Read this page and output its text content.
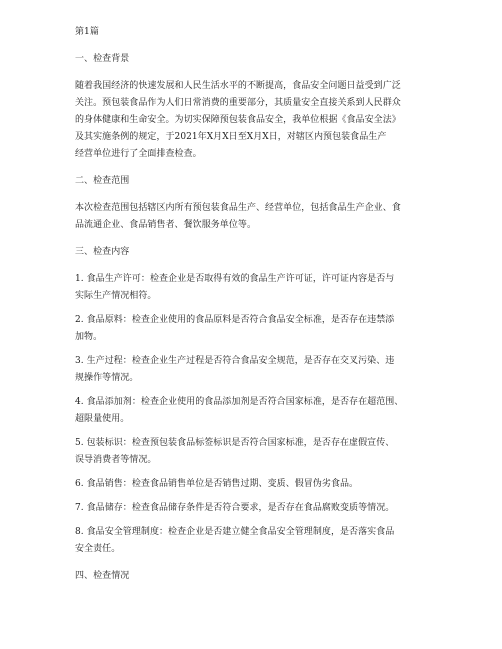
第1篇
一、检查背景
随着我国经济的快速发展和人民生活水平的不断提高，食品安全问题日益受到广泛
关注。预包装食品作为人们日常消费的重要部分，其质量安全直接关系到人民群众
的身体健康和生命安全。为切实保障预包装食品安全，我单位根据《食品安全法》
及其实施条例的规定，于2021年X月X日至X月X日，对辖区内预包装食品生产
经营单位进行了全面排查检查。
二、检查范围
本次检查范围包括辖区内所有预包装食品生产、经营单位，包括食品生产企业、食
品流通企业、食品销售者、餐饮服务单位等。
三、检查内容
1. 食品生产许可：检查企业是否取得有效的食品生产许可证，许可证内容是否与
实际生产情况相符。
2. 食品原料：检查企业使用的食品原料是否符合食品安全标准，是否存在违禁添
加物。
3. 生产过程：检查企业生产过程是否符合食品安全规范，是否存在交叉污染、违
规操作等情况。
4. 食品添加剂：检查企业使用的食品添加剂是否符合国家标准，是否存在超范围、
超限量使用。
5. 包装标识：检查预包装食品标签标识是否符合国家标准，是否存在虚假宣传、
误导消费者等情况。
6. 食品销售：检查食品销售单位是否销售过期、变质、假冒伪劣食品。
7. 食品储存：检查食品储存条件是否符合要求，是否存在食品腐败变质等情况。
8. 食品安全管理制度：检查企业是否建立健全食品安全管理制度，是否落实食品
安全责任。
四、检查情况
